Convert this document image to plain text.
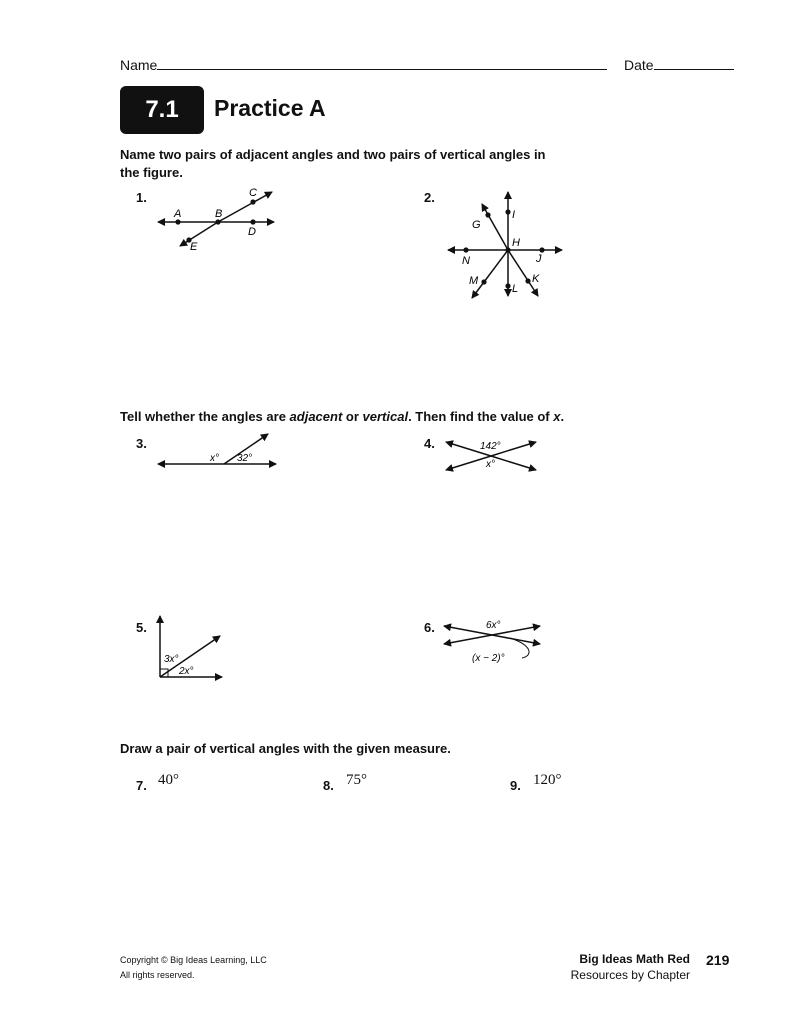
Name	Date
7.1 Practice A
Name two pairs of adjacent angles and two pairs of vertical angles in
the figure.
1.	2.
A	B
C
D
E
G
I
H
N	J
M
L
K
Tell whether the angles are adjacent or vertical. Then find the value of x.
3.	4.
x° 32°
142°
x°
5.	6.
3x°
2x°
6x°
(x − 2)°
Draw a pair of vertical angles with the given measure.
7. 40°	8. 75°	9. 120°
Copyright © Big Ideas Learning, LLC
All rights reserved.
Big Ideas Math Red
Resources by Chapter
219
